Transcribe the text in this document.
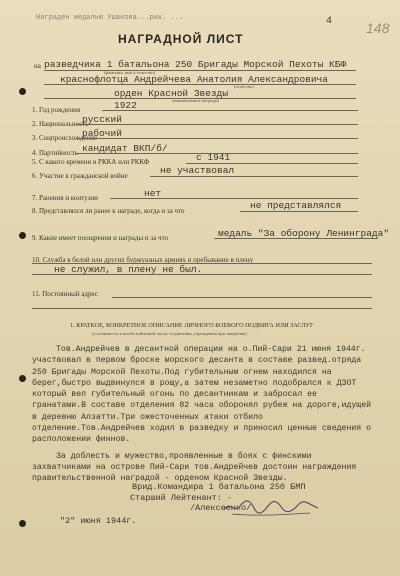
Награден медалью Ушакова...рик. ...	4 148
НАГРАДНОЙ ЛИСТ
на разведчика 1 батальона 250 Бригады Морской Пехоты КБФ
(фамилия, имя и отчество)
краснофлотца Андрейчева Анатолия Александровича
(отчество)
орден Красной Звезды
(наименование награды)
1. Год рождения	1922
2. Национальность
русский
3. Соцпроисхождение
рабочий
4. Партийность кандидат ВКП/б/
5. С какого времени в РККА или РККФ	с 1941
6. Участие в гражданской войне	не участвовал
7. Ранения и контузии	нет
8. Представлялся ли ранее к награде, когда и за что	не представлялся
9. Какие имеет поощрения и награды и за что	медаль "За оборону Ленинграда"
10. Служба в белой или других буржуазных армиях и пребывание в плену
не служил, в плену не был.
11. Постоянный адрес
1. КРАТКОЕ, КОНКРЕТНОЕ ОПИСАНИЕ ЛИЧНОГО БОЕВОГО ПОДВИГА ИЛИ ЗАСЛУГ
(составляется в штабе войсковой части, соединения, учреждения при заведении)

Тов.Андрейчев в десантной операции на о.Пий-Сари 21 июня 1944г. участвовал в первом броске морского десанта в составе развед.отряда 250 Бригады Морской Пехоты.Под губительным огнем находился на берег,быстро выдвинулся в рощу,а затем незаметно подобрался к ДЗОТ который вел губительный огонь по десантникам и забросал ее гранатами.В составе отделения 82 часа оборонял рубеж на дороге,идущей в деревню Алзатти.Три ожесточенных атаки отбило отделение.Тов.Андрейчев ходил в разведку и приносил ценные сведения о расположении финнов.

За доблесть и мужество,проявленные в боях с финскими захватчиками на острове Пий-Сари тов.Андрейчев достоин награждения правительственной наградой - орденом Красной Звезды.

Врид.Командира 1 батальона 250 БМП
Старший Лейтенант: -
/Алексеенко/
"2" июня 1944г.
